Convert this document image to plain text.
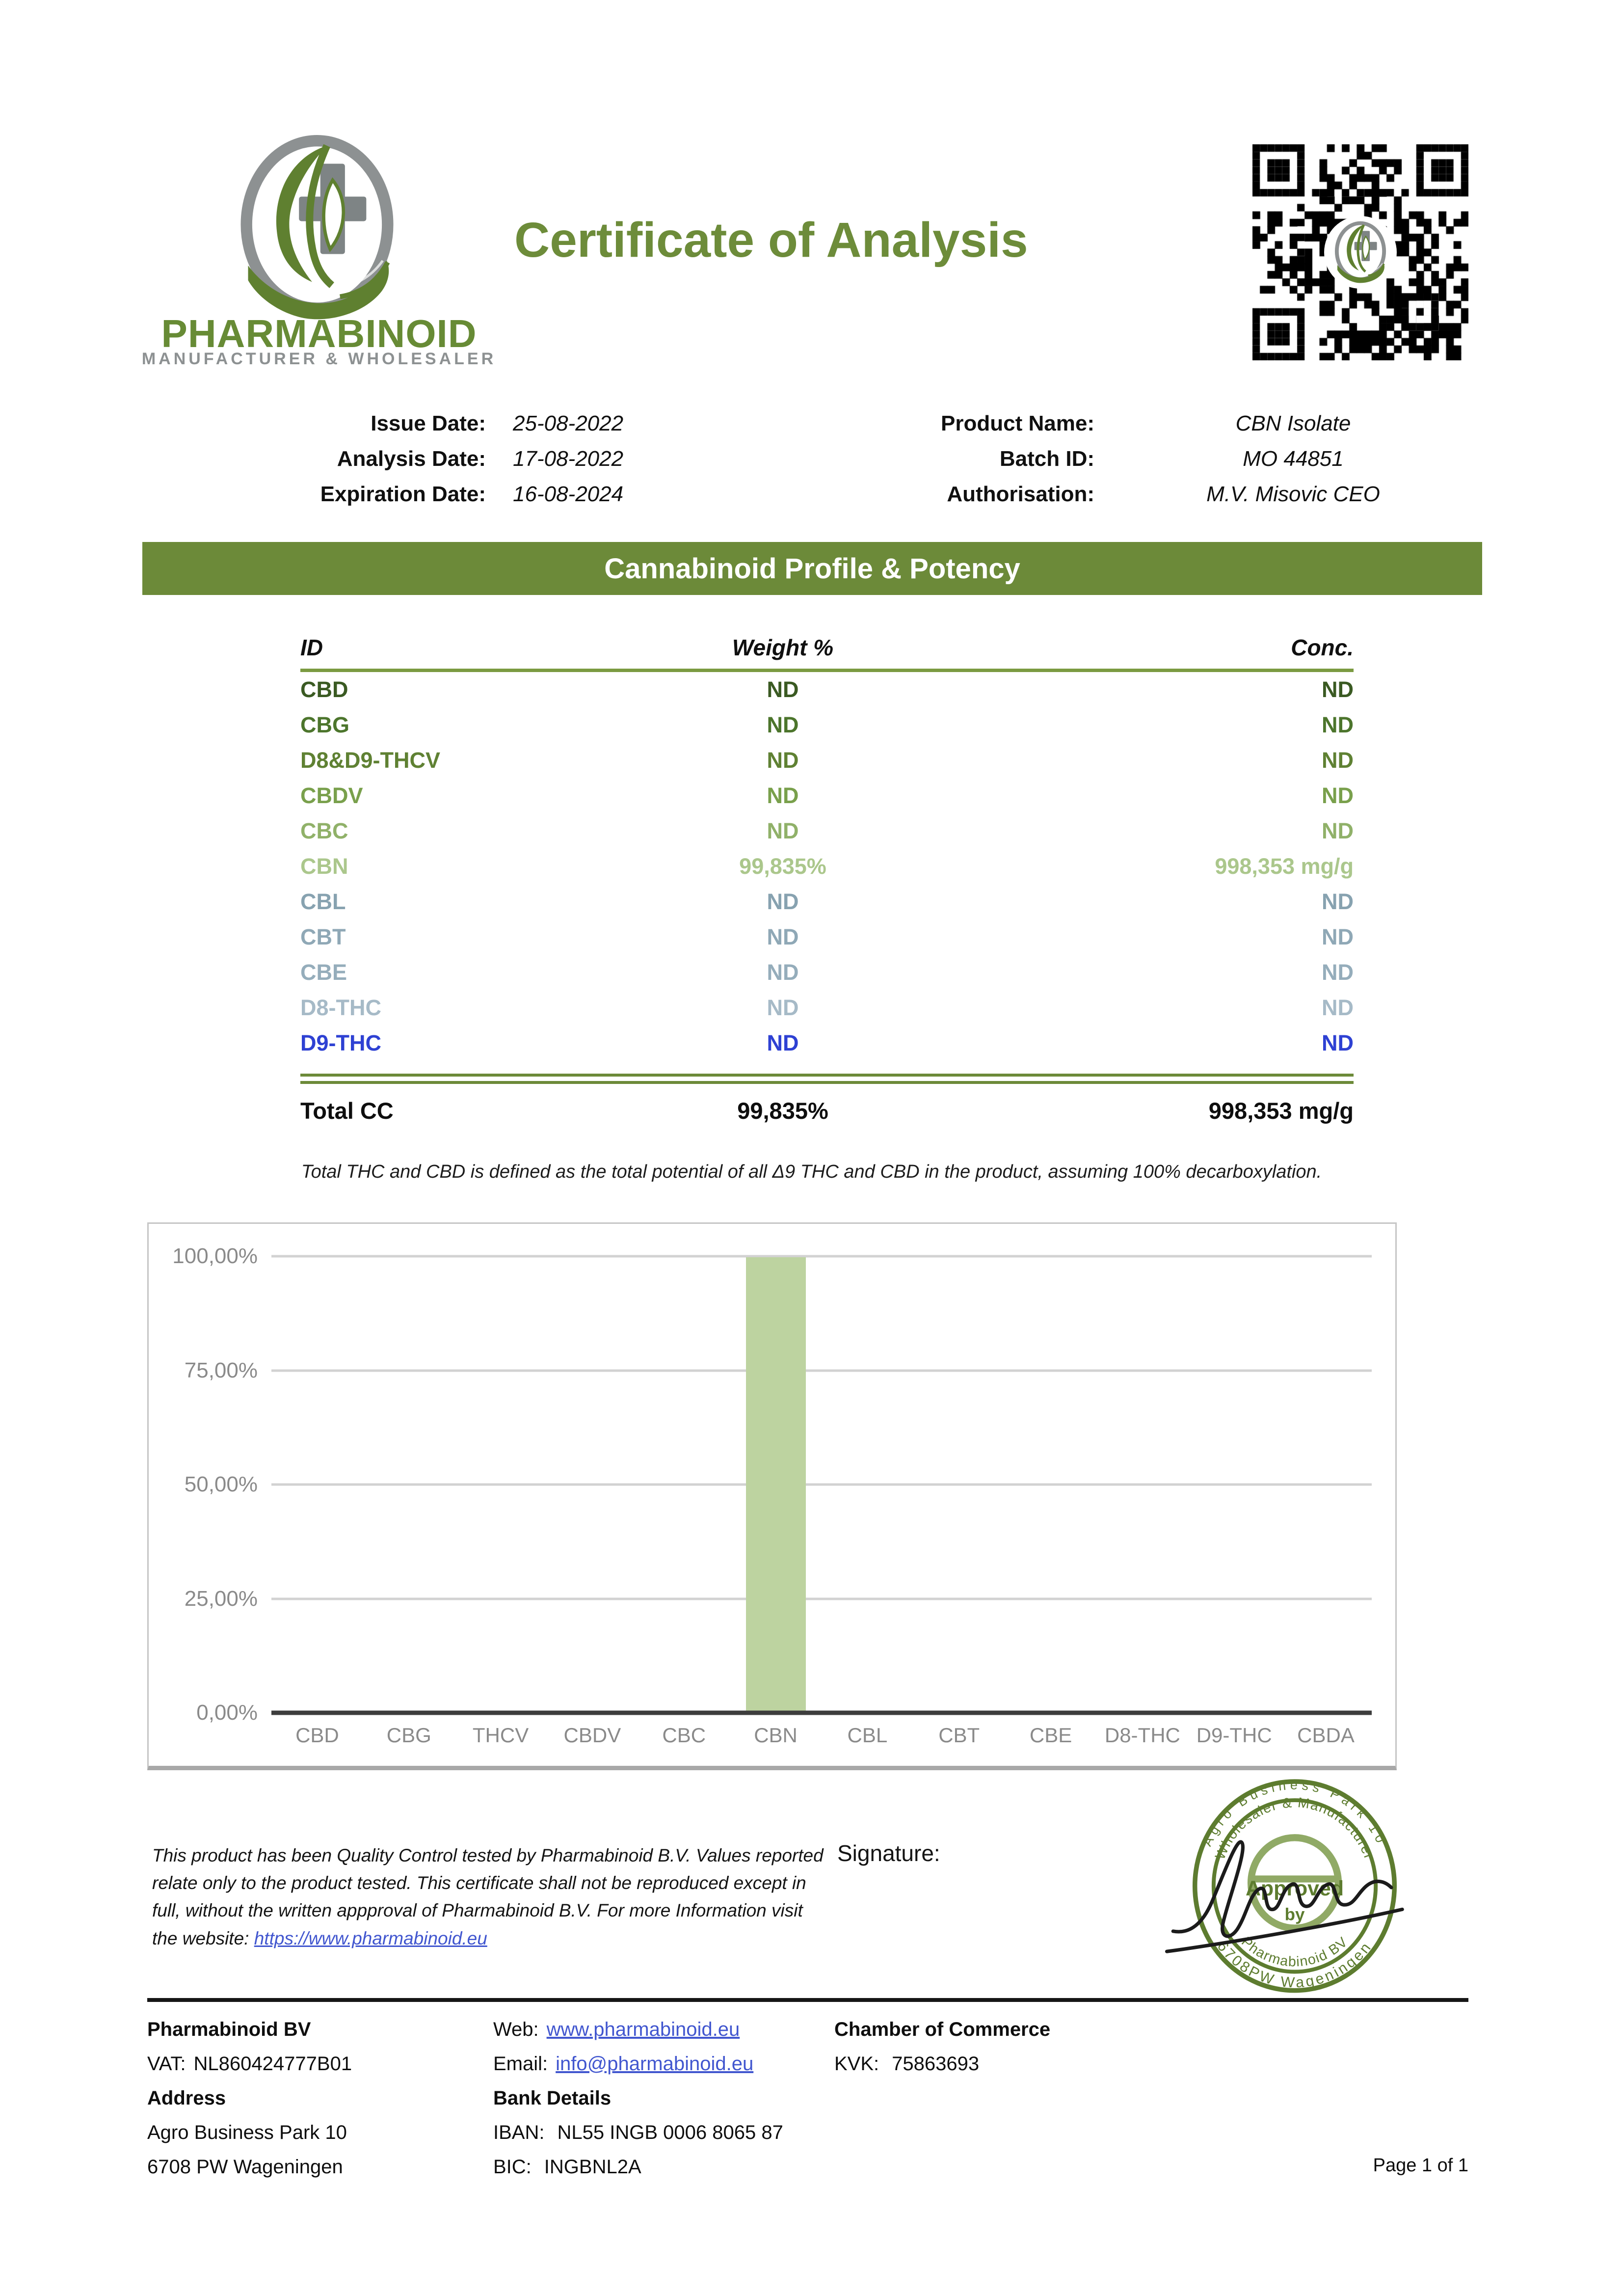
PHARMABINOID
MANUFACTURER & WHOLESALER
Certificate of Analysis
Issue Date: 25-08-2022
Analysis Date: 17-08-2022
Expiration Date: 16-08-2024
Product Name:	CBN Isolate
Batch ID:	MO 44851
Authorisation:	M.V. Misovic CEO
Cannabinoid Profile & Potency
ID	Weight %	Conc.
CBD	ND	ND
CBG	ND	ND
D8&D9-THCV	ND	ND
CBDV	ND	ND
CBC	ND	ND
CBN	99,835%	998,353 mg/g
CBL	ND	ND
CBT	ND	ND
CBE	ND	ND
D8-THC	ND	ND
D9-THC	ND	ND
Total CC	99,835%	998,353 mg/g
Total THC and CBD is defined as the total potential of all Δ9 THC and CBD in the product, assuming 100% decarboxylation.
CBD	CBG	THCV	CBDV	CBC	CBN	CBL	CBT	CBE	D8-THC D9-THC	CBDA
0,00%
25,00%
50,00%
75,00%
100,00%
This product has been Quality Control tested by Pharmabinoid B.V. Values reported relate only to the product tested. This certificate shall not be reproduced except in full, without the written appproval of Pharmabinoid B.V. For more Information visit the website: https://www.pharmabinoid.eu
Signature:
Agro Business Park 10
Wholesaler & Manufacturer
Approved
by
Pharmabinoid BV
6708PW Wageningen
Pharmabinoid BV
VAT: NL860424777B01
Address
Agro Business Park 10
6708 PW Wageningen
Web: www.pharmabinoid.eu
Email: info@pharmabinoid.eu
Bank Details
IBAN: NL55 INGB 0006 8065 87
BIC: INGBNL2A
Chamber of Commerce
KVK: 75863693
Page 1 of 1
